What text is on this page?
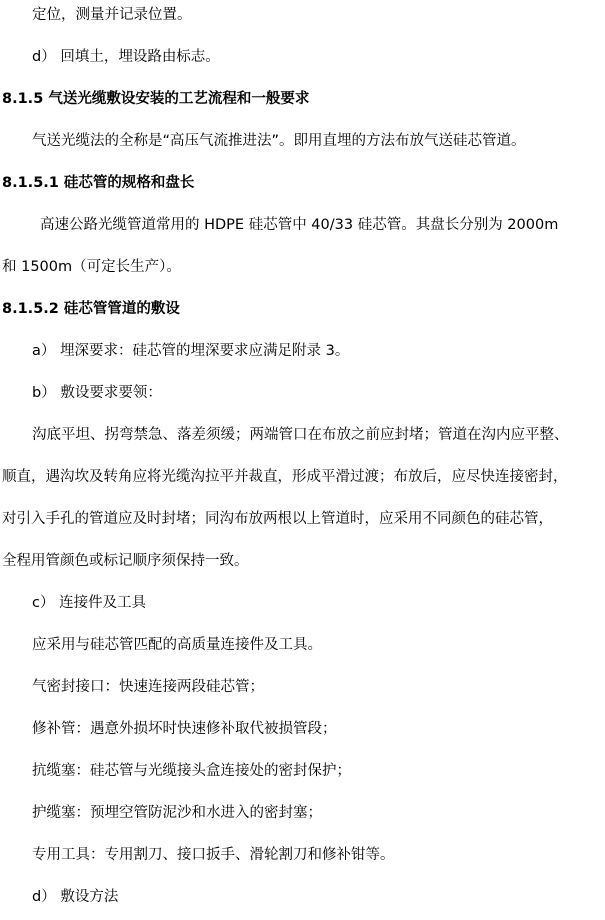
定位，测量并记录位置。
d） 回填土，埋设路由标志。
8.1.5 气送光缆敷设安装的工艺流程和一般要求
气送光缆法的全称是“高压气流推进法”。即用直埋的方法布放气送硅芯管道。
8.1.5.1 硅芯管的规格和盘长
高速公路光缆管道常用的 HDPE 硅芯管中 40/33 硅芯管。其盘长分别为 2000m
和 1500m（可定长生产）。
8.1.5.2 硅芯管管道的敷设
a） 埋深要求：硅芯管的埋深要求应满足附录 3。
b） 敷设要求要领：
沟底平坦、拐弯禁急、落差须缓；两端管口在布放之前应封堵；管道在沟内应平整、
顺直，遇沟坎及转角应将光缆沟拉平并裁直，形成平滑过渡；布放后，应尽快连接密封，
对引入手孔的管道应及时封堵；同沟布放两根以上管道时，应采用不同颜色的硅芯管，
全程用管颜色或标记顺序须保持一致。
c） 连接件及工具
应采用与硅芯管匹配的高质量连接件及工具。
气密封接口：快速连接两段硅芯管；
修补管：遇意外损坏时快速修补取代被损管段；
抗缆塞：硅芯管与光缆接头盒连接处的密封保护；
护缆塞：预埋空管防泥沙和水进入的密封塞；
专用工具：专用割刀、接口扳手、滑轮割刀和修补钳等。
d） 敷设方法
